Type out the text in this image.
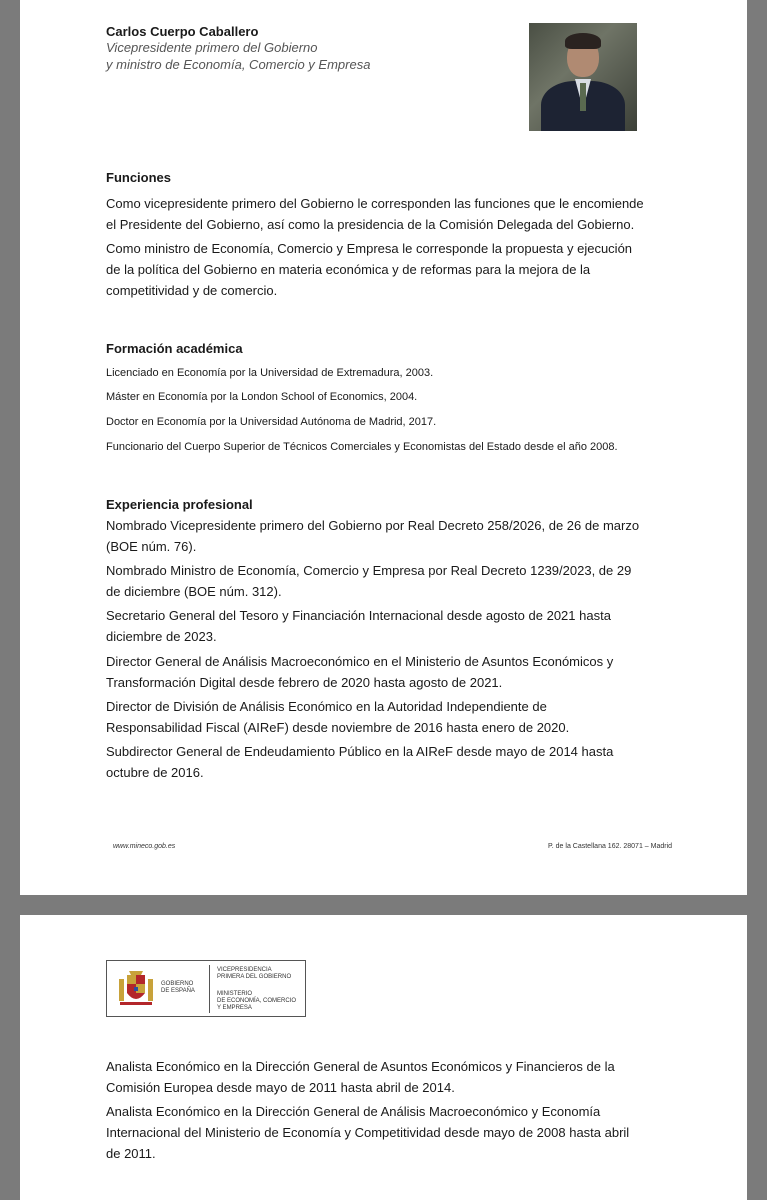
Carlos Cuerpo Caballero
Vicepresidente primero del Gobierno
y ministro de Economía, Comercio y Empresa
Funciones
Como vicepresidente primero del Gobierno le corresponden las funciones que le encomiende el Presidente del Gobierno, así como la presidencia de la Comisión Delegada del Gobierno.
Como ministro de Economía, Comercio y Empresa le corresponde la propuesta y ejecución de la política del Gobierno en materia económica y de reformas para la mejora de la competitividad y de comercio.
Formación académica
Licenciado en Economía por la Universidad de Extremadura, 2003.
Máster en Economía por la London School of Economics, 2004.
Doctor en Economía por la Universidad Autónoma de Madrid, 2017.
Funcionario del Cuerpo Superior de Técnicos Comerciales y Economistas del Estado desde el año 2008.
Experiencia profesional
Nombrado Vicepresidente primero del Gobierno por Real Decreto 258/2026, de 26 de marzo (BOE núm. 76).
Nombrado Ministro de Economía, Comercio y Empresa por Real Decreto 1239/2023, de 29 de diciembre (BOE núm. 312).
Secretario General del Tesoro y Financiación Internacional desde agosto de 2021 hasta diciembre de 2023.
Director General de Análisis Macroeconómico en el Ministerio de Asuntos Económicos y Transformación Digital desde febrero de 2020 hasta agosto de 2021.
Director de División de Análisis Económico en la Autoridad Independiente de Responsabilidad Fiscal (AIReF) desde noviembre de 2016 hasta enero de 2020.
Subdirector General de Endeudamiento Público en la AIReF desde mayo de 2014 hasta octubre de 2016.
www.mineco.gob.es	P. de la Castellana 162. 28071 – Madrid
GOBIERNO
DE ESPAÑA
VICEPRESIDENCIA
PRIMERA DEL GOBIERNO
MINISTERIO
DE ECONOMÍA, COMERCIO
Y EMPRESA
Analista Económico en la Dirección General de Asuntos Económicos y Financieros de la Comisión Europea desde mayo de 2011 hasta abril de 2014.
Analista Económico en la Dirección General de Análisis Macroeconómico y Economía Internacional del Ministerio de Economía y Competitividad desde mayo de 2008 hasta abril de 2011.
